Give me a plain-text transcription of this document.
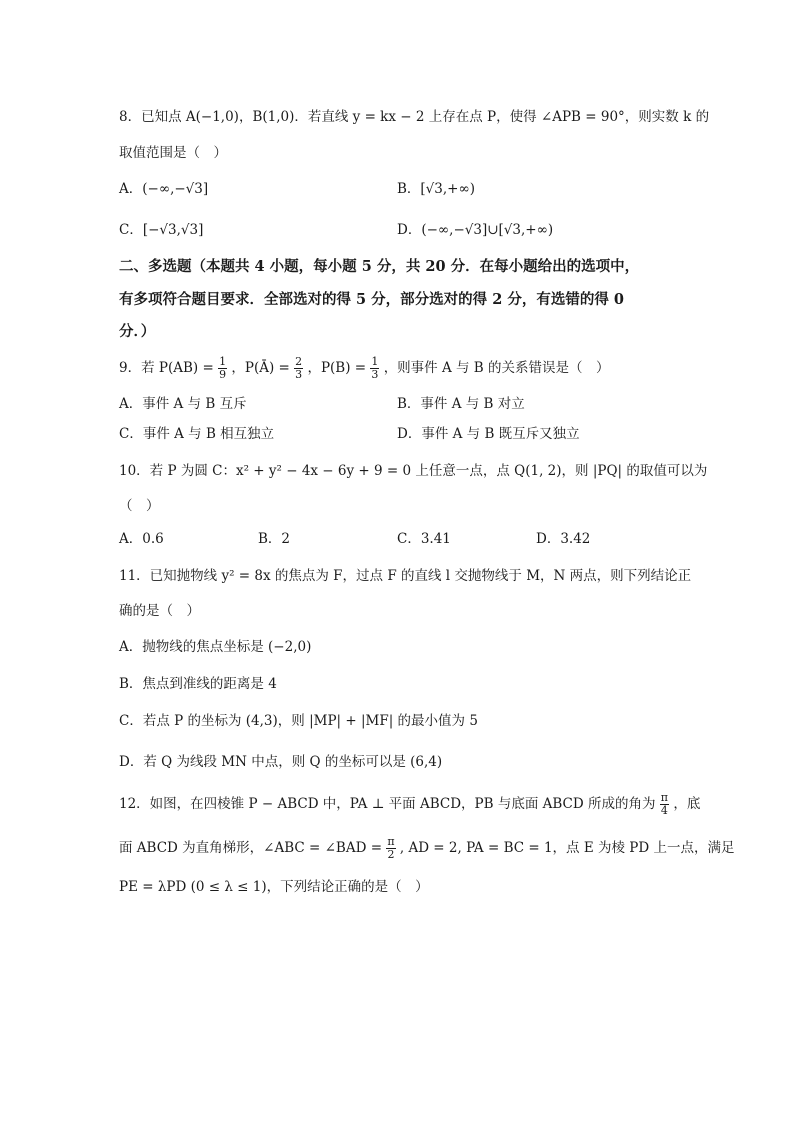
8．已知点 A(−1,0)，B(1,0)．若直线 y = kx − 2 上存在点 P，使得 ∠APB = 90°，则实数 k 的
取值范围是（　）
A．(−∞,−√3]	B．[√3,+∞)
C．[−√3,√3]	D．(−∞,−√3]∪[√3,+∞)
二、多选题（本题共 4 小题，每小题 5 分，共 20 分．在每小题给出的选项中，
有多项符合题目要求．全部选对的得 5 分，部分选对的得 2 分，有选错的得 0
分．）
9．若 $P(AB) = \frac{1}{9}$ ，P(Ā) = $\frac{2}{3}$ ，$P(B) = \frac{1}{3}$ ，则事件 A 与 B 的关系错误是（　）
A．事件 A 与 B 互斥	B．事件 A 与 B 对立
C．事件 A 与 B 相互独立	D．事件 A 与 B 既互斥又独立
10．若 P 为圆 C：x² + y² − 4x − 6y + 9 = 0 上任意一点，点 Q(1, 2)，则 |PQ| 的取值可以为
（　）
A．0.6	B．2	C．3.41	D．3.42
11．已知抛物线 y² = 8x 的焦点为 F，过点 F 的直线 l 交抛物线于 M，N 两点，则下列结论正
确的是（　）
A．抛物线的焦点坐标是 (−2,0)
B．焦点到准线的距离是 4
C．若点 P 的坐标为 (4,3)，则 |MP| + |MF| 的最小值为 5
D．若 Q 为线段 MN 中点，则 Q 的坐标可以是 (6,4)
12．如图，在四棱锥 P − ABCD 中，PA ⊥ 平面 ABCD，PB 与底面 ABCD 所成的角为 $\frac{\pi}{4}$ ，底
面 ABCD 为直角梯形，∠ABC = ∠BAD = $\frac{\pi}{2}$ , AD = 2, PA = BC = 1，点 E 为棱 PD 上一点，满足
PE = λPD (0 ≤ λ ≤ 1)，下列结论正确的是（　）
